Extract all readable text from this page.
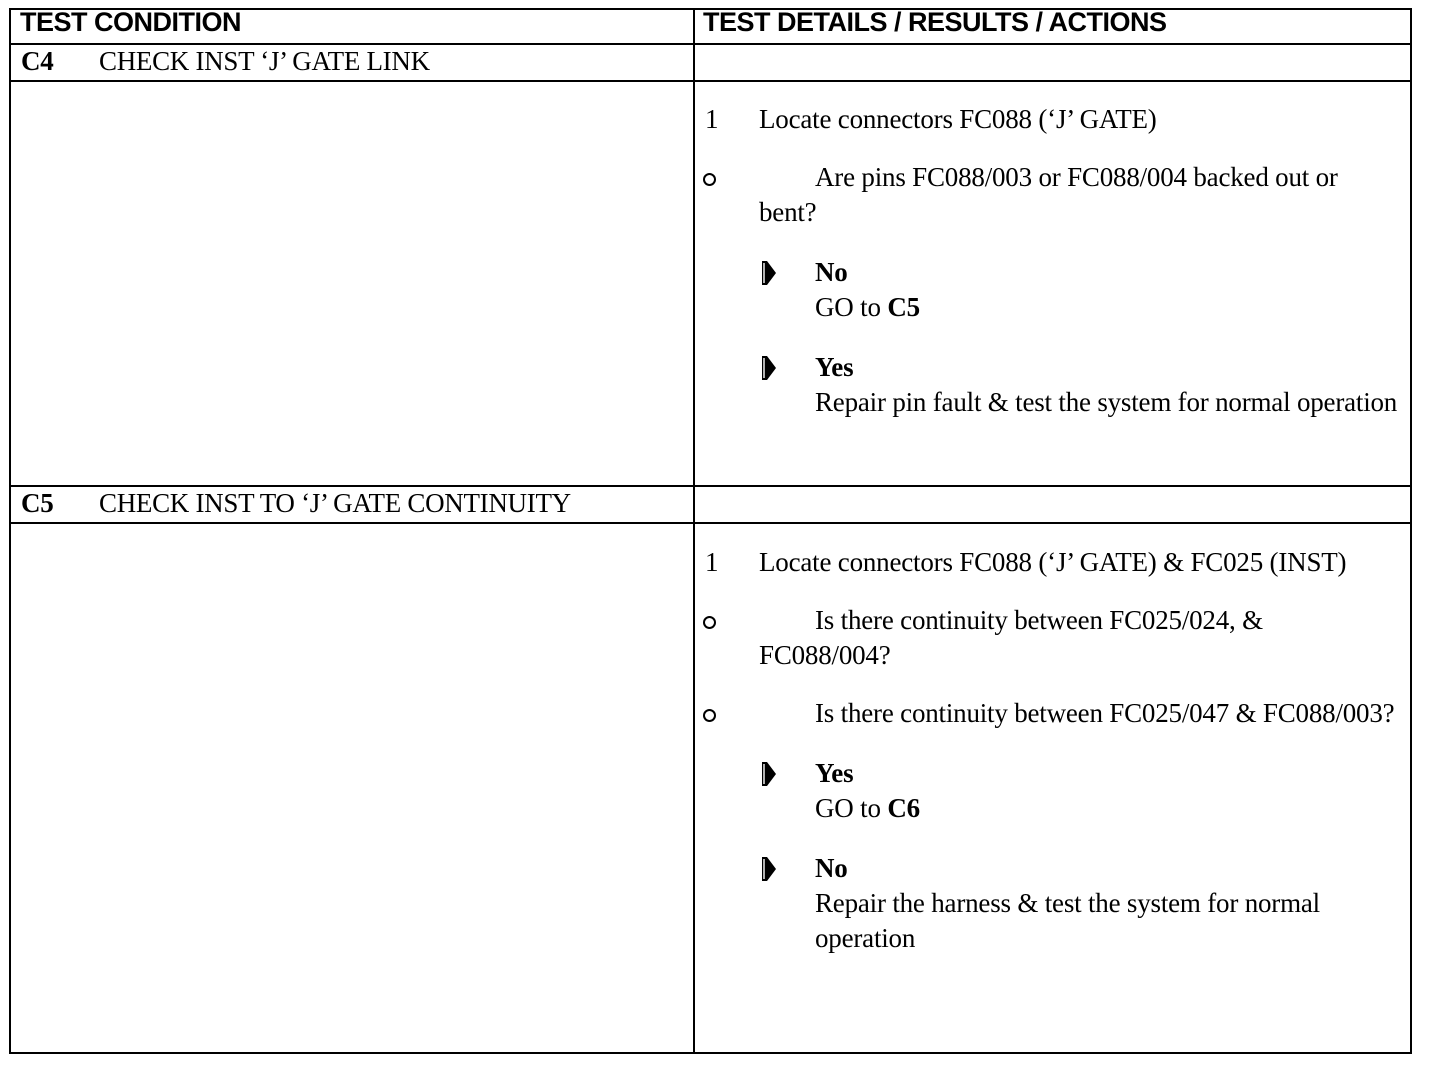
TEST CONDITION	TEST DETAILS / RESULTS / ACTIONS
C4 CHECK INST ‘J’ GATE LINK
1 Locate connectors FC088 (‘J’ GATE)
Are pins FC088/003 or FC088/004 backed out or bent?
No
GO to C5
Yes
Repair pin fault & test the system for normal operation
C5 CHECK INST TO ‘J’ GATE CONTINUITY
1 Locate connectors FC088 (‘J’ GATE) & FC025 (INST)
Is there continuity between FC025/024, & FC088/004?
Is there continuity between FC025/047 & FC088/003?
Yes
GO to C6
No
Repair the harness & test the system for normal operation
